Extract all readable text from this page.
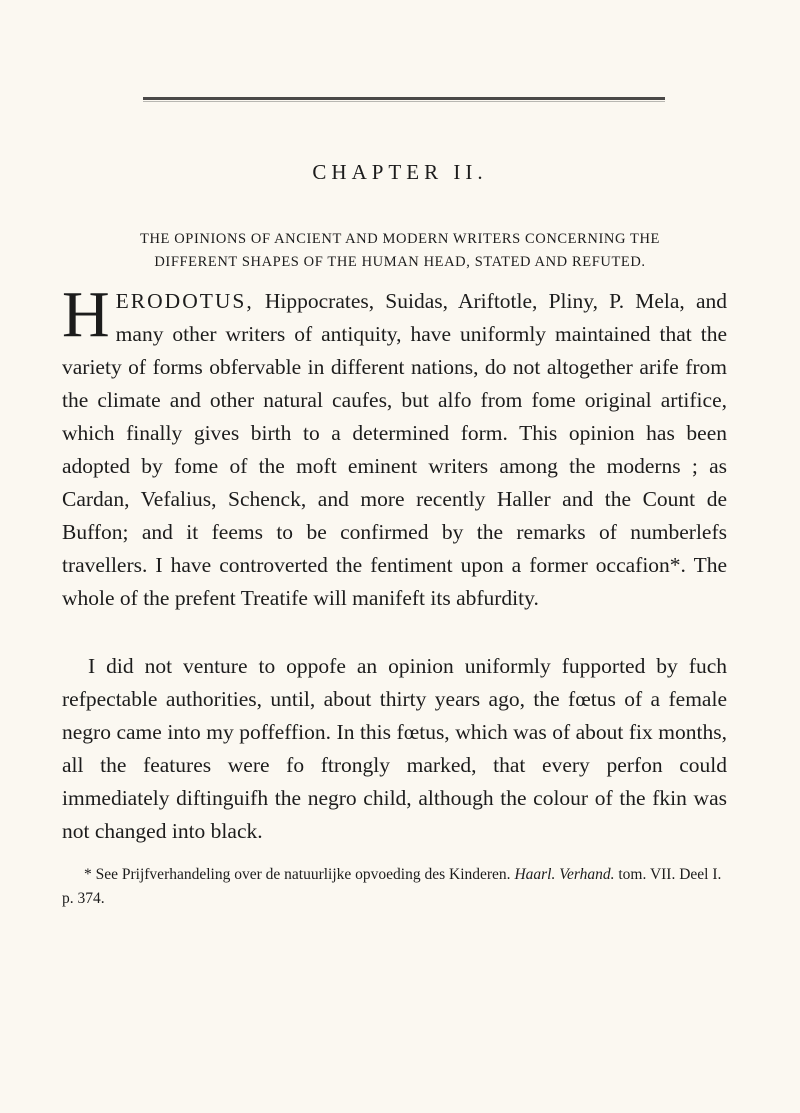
CHAPTER II.
THE OPINIONS OF ANCIENT AND MODERN WRITERS CONCERNING THE
DIFFERENT SHAPES OF THE HUMAN HEAD, STATED AND REFUTED.
HERODOTUS, Hippocrates, Suidas, Ariftotle, Pliny, P. Mela, and many other writers of antiquity, have uniformly maintained that the variety of forms obfervable in different nations, do not altogether arife from the climate and other natural caufes, but alfo from fome original artifice, which finally gives birth to a determined form. This opinion has been adopted by fome of the moft eminent writers among the moderns ; as Cardan, Vefalius, Schenck, and more recently Haller and the Count de Buffon; and it feems to be confirmed by the remarks of numberlefs travellers. I have controverted the fentiment upon a former occafion*. The whole of the prefent Treatife will manifeft its abfurdity.
I did not venture to oppofe an opinion uniformly fupported by fuch refpectable authorities, until, about thirty years ago, the fœtus of a female negro came into my poffeffion. In this fœtus, which was of about fix months, all the features were fo ftrongly marked, that every perfon could immediately diftinguifh the negro child, although the colour of the fkin was not changed into black.
* See Prijfverhandeling over de natuurlijke opvoeding des Kinderen. Haarl. Verhand. tom. VII. Deel I. p. 374.
